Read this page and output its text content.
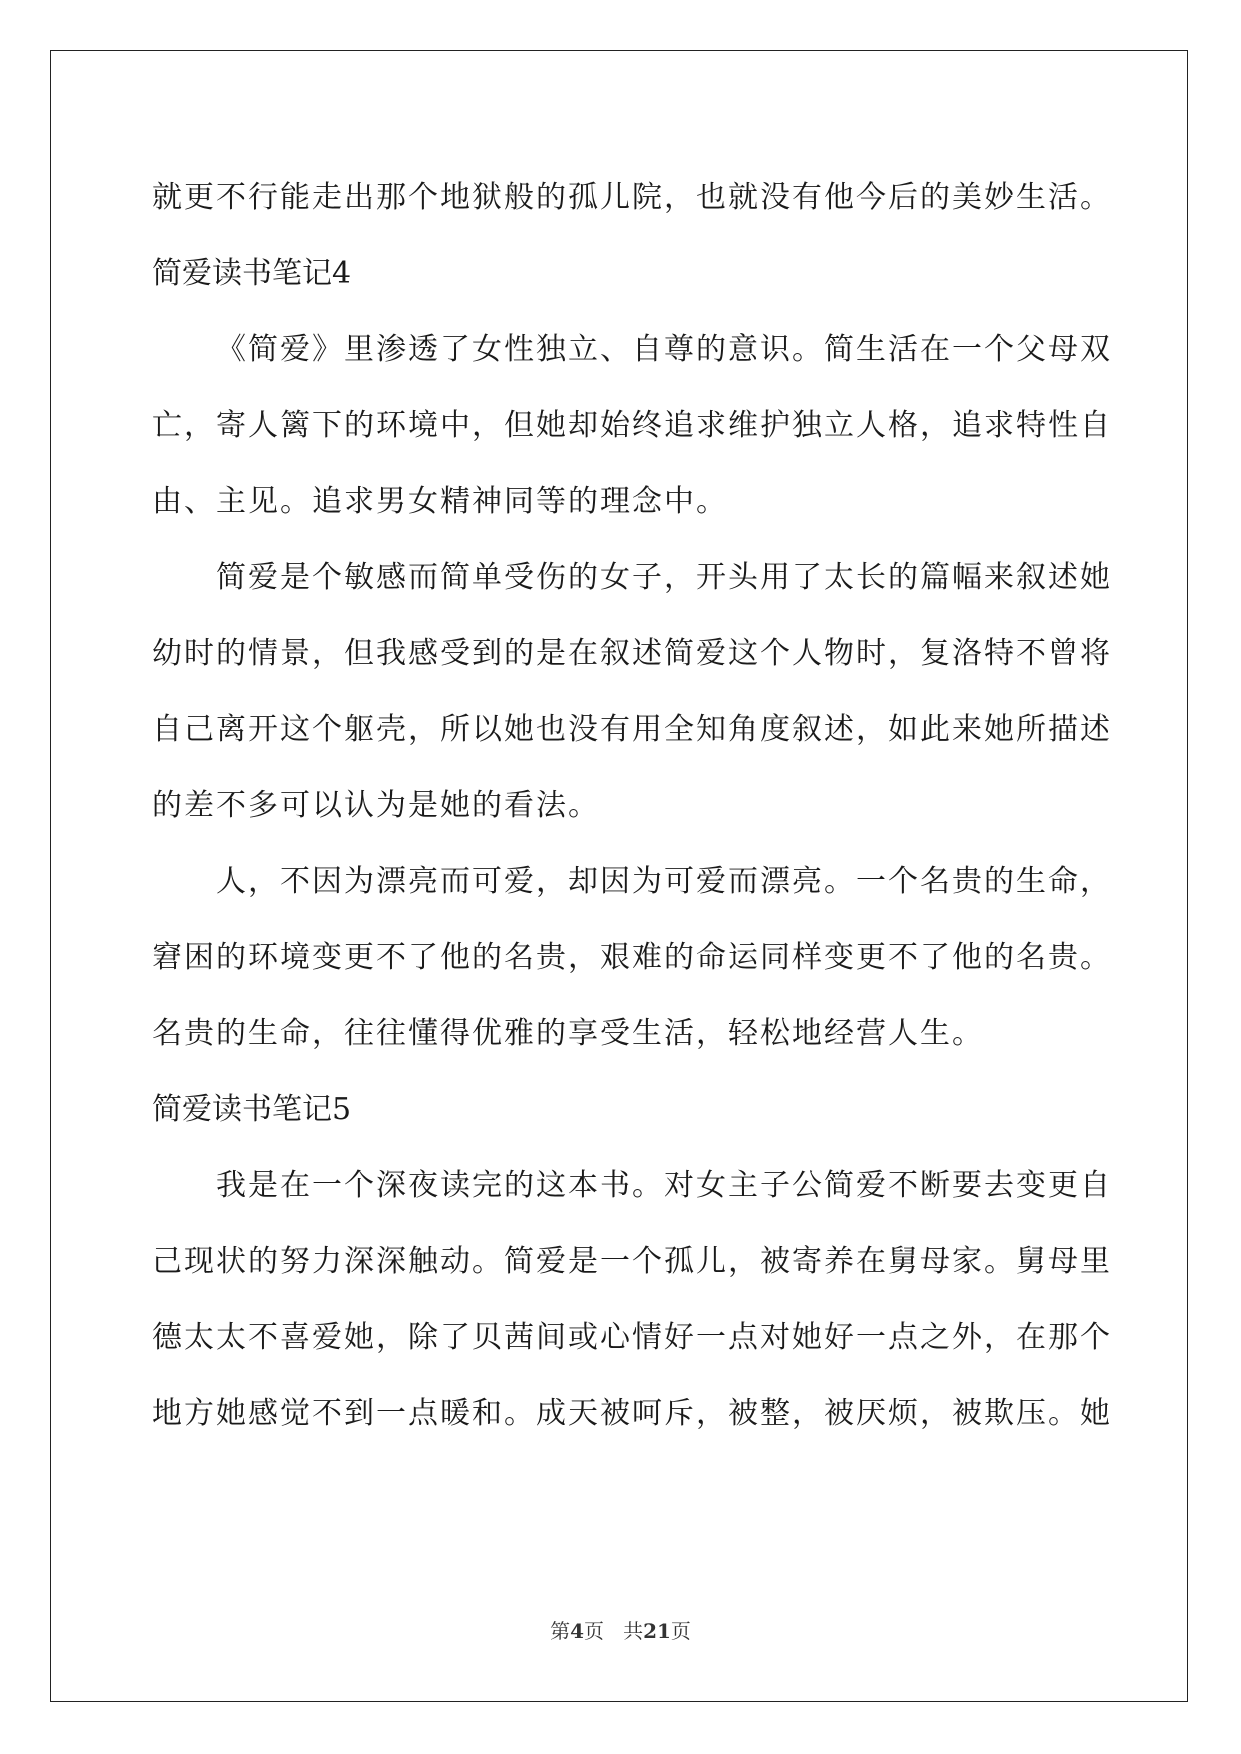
就更不行能走出那个地狱般的孤儿院，也就没有他今后的美妙生活。
简爱读书笔记4
《简爱》里渗透了女性独立、自尊的意识。简生活在一个父母双
亡，寄人篱下的环境中，但她却始终追求维护独立人格，追求特性自
由、主见。追求男女精神同等的理念中。
简爱是个敏感而简单受伤的女子，开头用了太长的篇幅来叙述她
幼时的情景，但我感受到的是在叙述简爱这个人物时，复洛特不曾将
自己离开这个躯壳，所以她也没有用全知角度叙述，如此来她所描述
的差不多可以认为是她的看法。
人，不因为漂亮而可爱，却因为可爱而漂亮。一个名贵的生命，
窘困的环境变更不了他的名贵，艰难的命运同样变更不了他的名贵。
名贵的生命，往往懂得优雅的享受生活，轻松地经营人生。
简爱读书笔记5
我是在一个深夜读完的这本书。对女主子公简爱不断要去变更自
己现状的努力深深触动。简爱是一个孤儿，被寄养在舅母家。舅母里
德太太不喜爱她，除了贝茜间或心情好一点对她好一点之外，在那个
地方她感觉不到一点暖和。成天被呵斥，被整，被厌烦，被欺压。她
第4页 共21页
